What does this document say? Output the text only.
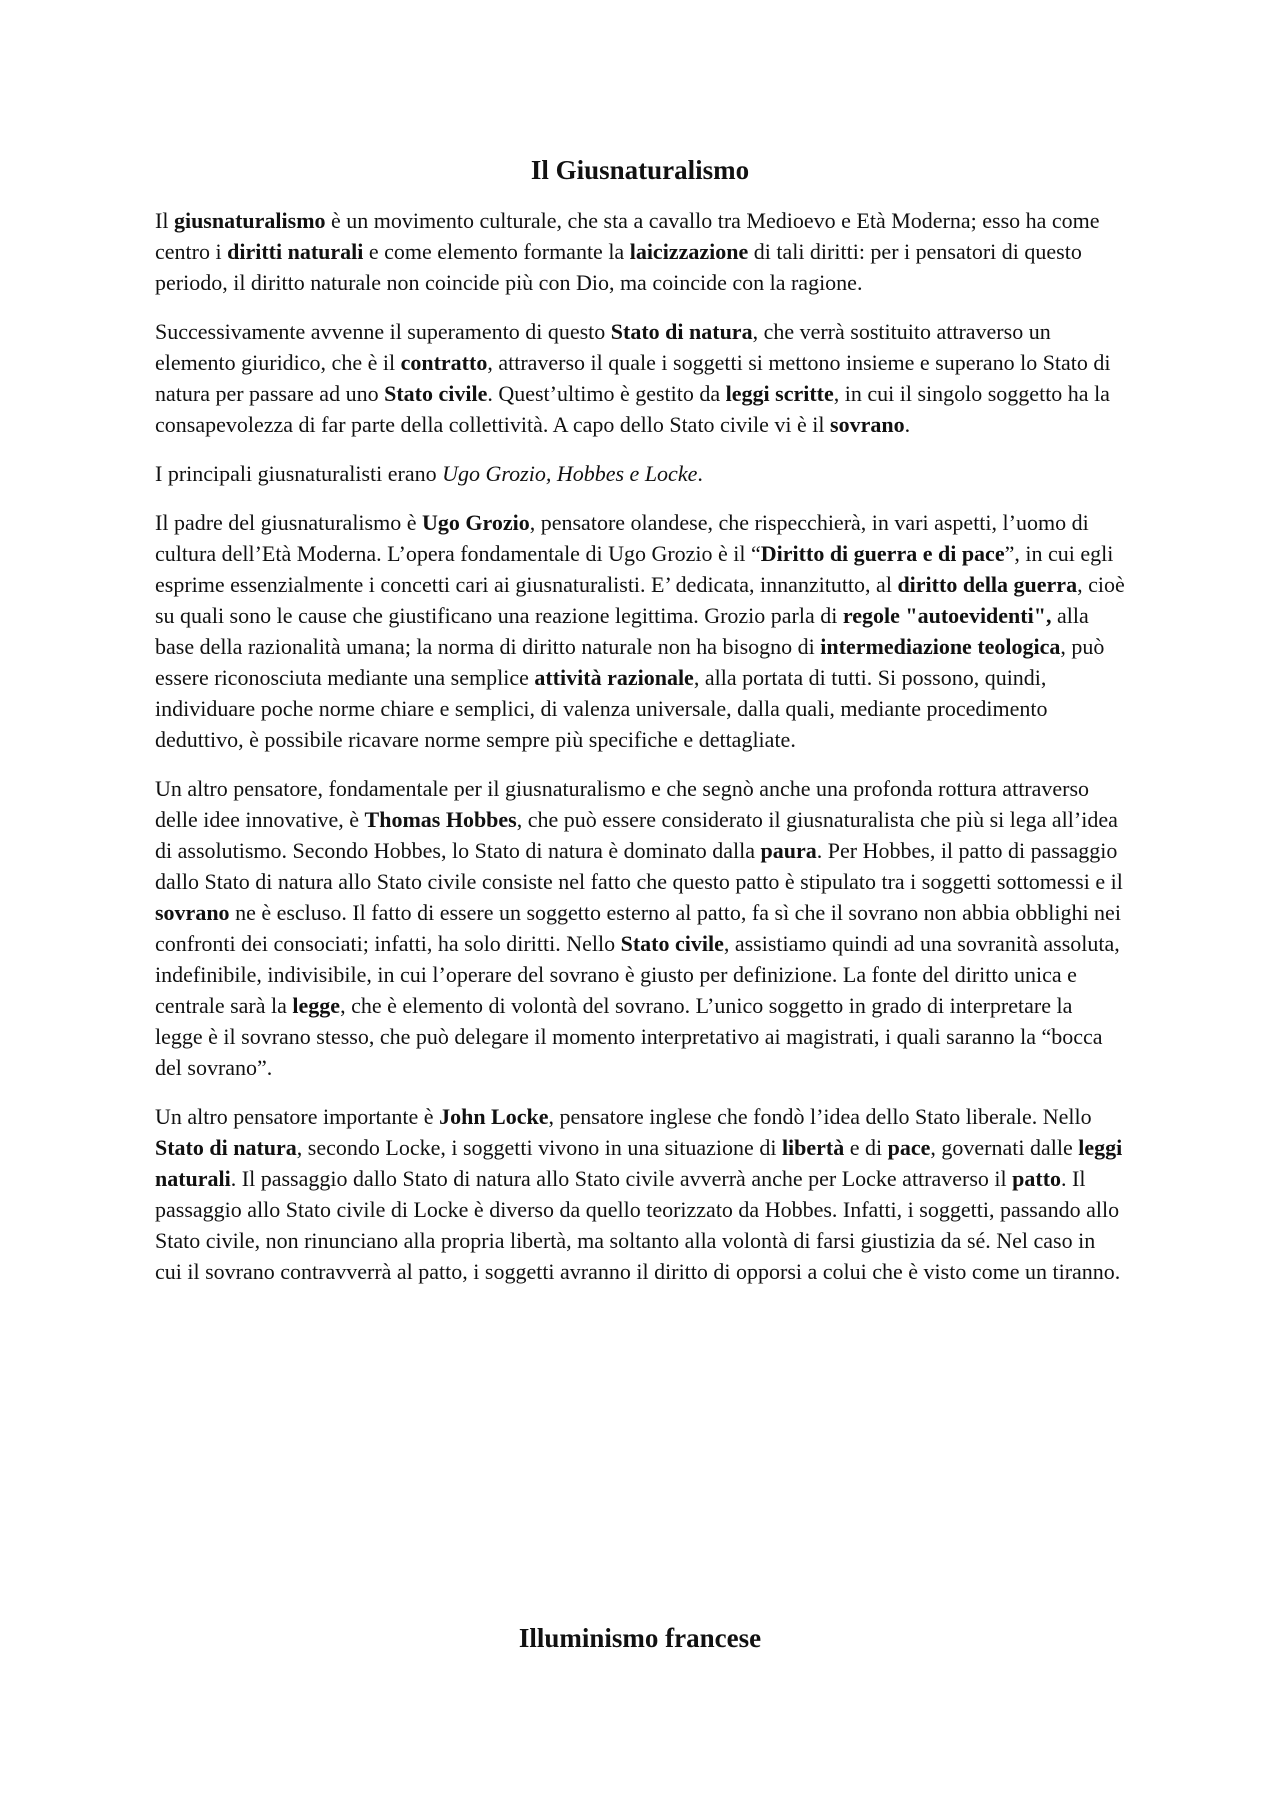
Il Giusnaturalismo

Il giusnaturalismo è un movimento culturale, che sta a cavallo tra Medioevo e Età Moderna; esso ha come centro i diritti naturali e come elemento formante la laicizzazione di tali diritti: per i pensatori di questo periodo, il diritto naturale non coincide più con Dio, ma coincide con la ragione.

Successivamente avvenne il superamento di questo Stato di natura, che verrà sostituito attraverso un elemento giuridico, che è il contratto, attraverso il quale i soggetti si mettono insieme e superano lo Stato di natura per passare ad uno Stato civile. Quest’ultimo è gestito da leggi scritte, in cui il singolo soggetto ha la consapevolezza di far parte della collettività. A capo dello Stato civile vi è il sovrano.

I principali giusnaturalisti erano Ugo Grozio, Hobbes e Locke.

Il padre del giusnaturalismo è Ugo Grozio, pensatore olandese, che rispecchierà, in vari aspetti, l’uomo di cultura dell’Età Moderna. L’opera fondamentale di Ugo Grozio è il “Diritto di guerra e di pace”, in cui egli esprime essenzialmente i concetti cari ai giusnaturalisti. E’ dedicata, innanzitutto, al diritto della guerra, cioè su quali sono le cause che giustificano una reazione legittima. Grozio parla di regole "autoevidenti", alla base della razionalità umana; la norma di diritto naturale non ha bisogno di intermediazione teologica, può essere riconosciuta mediante una semplice attività razionale, alla portata di tutti. Si possono, quindi, individuare poche norme chiare e semplici, di valenza universale, dalla quali, mediante procedimento deduttivo, è possibile ricavare norme sempre più specifiche e dettagliate.

Un altro pensatore, fondamentale per il giusnaturalismo e che segnò anche una profonda rottura attraverso delle idee innovative, è Thomas Hobbes, che può essere considerato il giusnaturalista che più si lega all’idea di assolutismo. Secondo Hobbes, lo Stato di natura è dominato dalla paura. Per Hobbes, il patto di passaggio dallo Stato di natura allo Stato civile consiste nel fatto che questo patto è stipulato tra i soggetti sottomessi e il sovrano ne è escluso. Il fatto di essere un soggetto esterno al patto, fa sì che il sovrano non abbia obblighi nei confronti dei consociati; infatti, ha solo diritti. Nello Stato civile, assistiamo quindi ad una sovranità assoluta, indefinibile, indivisibile, in cui l’operare del sovrano è giusto per definizione. La fonte del diritto unica e centrale sarà la legge, che è elemento di volontà del sovrano. L’unico soggetto in grado di interpretare la legge è il sovrano stesso, che può delegare il momento interpretativo ai magistrati, i quali saranno la “bocca del sovrano”.

Un altro pensatore importante è John Locke, pensatore inglese che fondò l’idea dello Stato liberale. Nello Stato di natura, secondo Locke, i soggetti vivono in una situazione di libertà e di pace, governati dalle leggi naturali. Il passaggio dallo Stato di natura allo Stato civile avverrà anche per Locke attraverso il patto. Il passaggio allo Stato civile di Locke è diverso da quello teorizzato da Hobbes. Infatti, i soggetti, passando allo Stato civile, non rinunciano alla propria libertà, ma soltanto alla volontà di farsi giustizia da sé. Nel caso in cui il sovrano contravverrà al patto, i soggetti avranno il diritto di opporsi a colui che è visto come un tiranno.

Illuminismo francese
